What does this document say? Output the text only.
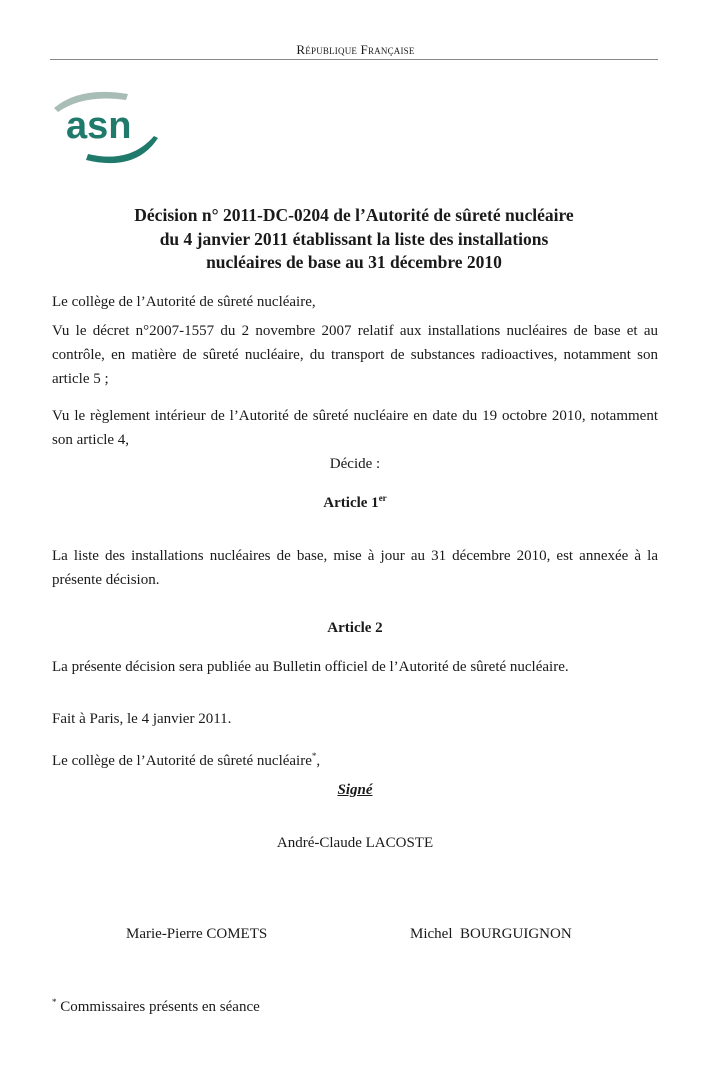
République Française
asn
Décision n° 2011-DC-0204 de l’Autorité de sûreté nucléaire
du 4 janvier 2011 établissant la liste des installations
nucléaires de base au 31 décembre 2010
Le collège de l’Autorité de sûreté nucléaire,
Vu le décret n°2007-1557 du 2 novembre 2007 relatif aux installations nucléaires de base et au contrôle, en matière de sûreté nucléaire, du transport de substances radioactives, notamment son article 5 ;
Vu le règlement intérieur de l’Autorité de sûreté nucléaire en date du 19 octobre 2010, notamment son article 4,
Décide :
Article 1er
La liste des installations nucléaires de base, mise à jour au 31 décembre 2010, est annexée à la présente décision.
Article 2
La présente décision sera publiée au Bulletin officiel de l’Autorité de sûreté nucléaire.
Fait à Paris, le 4 janvier 2011.
Le collège de l’Autorité de sûreté nucléaire*,
Signé
André-Claude LACOSTE
Marie-Pierre COMETS	Michel  BOURGUIGNON
* Commissaires présents en séance
